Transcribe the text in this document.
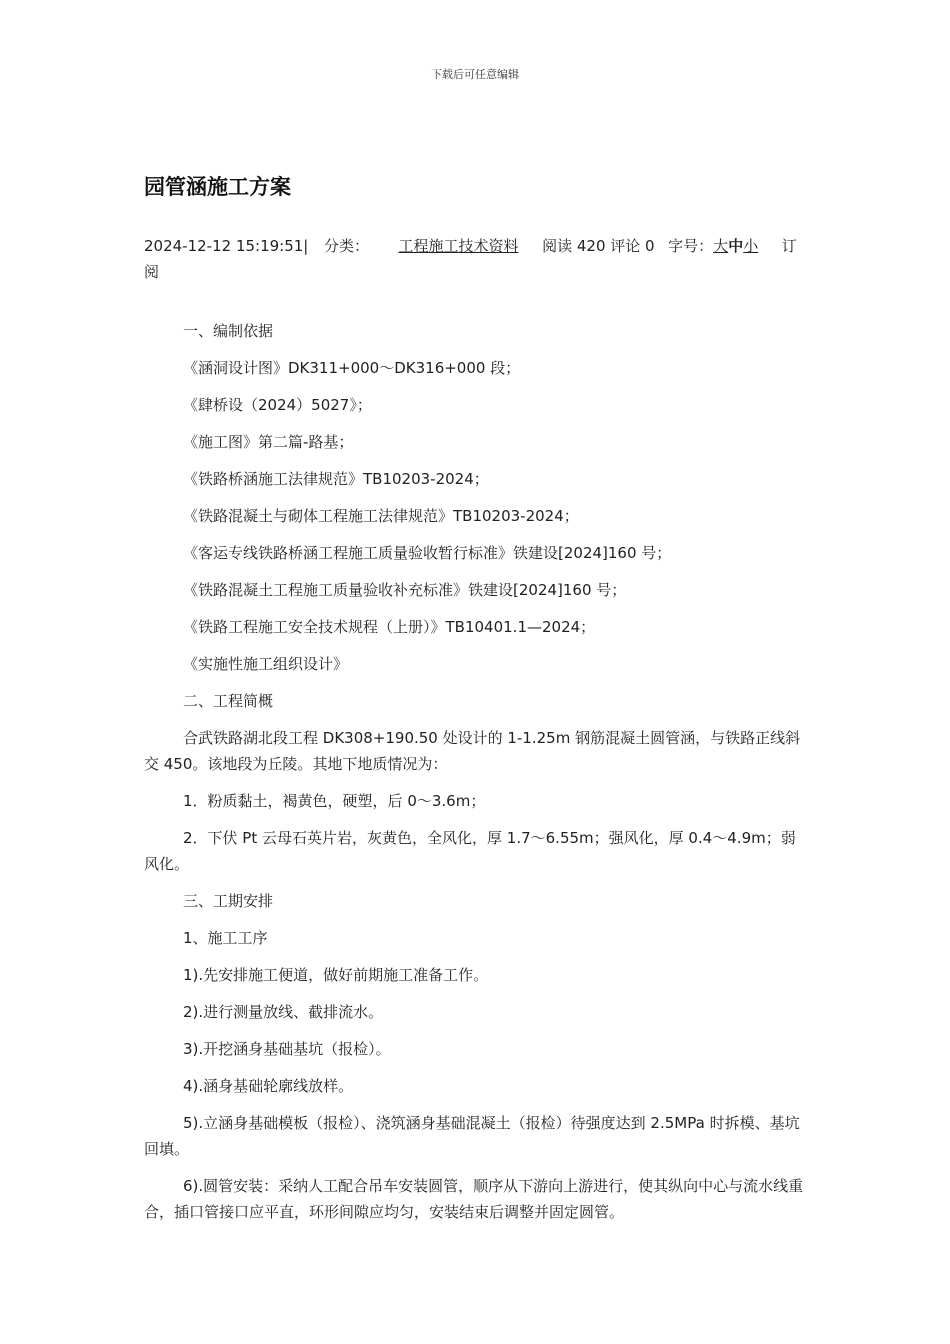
下载后可任意编辑
园管涵施工方案
2024-12-12 15:19:51| 分类： 工程施工技术资料 阅读 420 评论 0 字号：大中小 订阅

一、编制依据

《涵洞设计图》DK311+000～DK316+000 段；

《肆桥设（2024）5027》；

《施工图》第二篇-路基；

《铁路桥涵施工法律规范》TB10203-2024；

《铁路混凝土与砌体工程施工法律规范》TB10203-2024；

《客运专线铁路桥涵工程施工质量验收暂行标准》铁建设[2024]160 号；

《铁路混凝土工程施工质量验收补充标准》铁建设[2024]160 号；

《铁路工程施工安全技术规程（上册）》TB10401.1—2024；

《实施性施工组织设计》

二、工程简概

合武铁路湖北段工程 DK308+190.50 处设计的 1-1.25m 钢筋混凝土圆管涵，与铁路正线斜交 450。该地段为丘陵。其地下地质情况为：

1．粉质黏土，褐黄色，硬塑，后 0～3.6m；

2．下伏 Pt 云母石英片岩，灰黄色，全风化，厚 1.7～6.55m；强风化，厚 0.4～4.9m；弱风化。

三、工期安排

1、施工工序

1).先安排施工便道，做好前期施工准备工作。

2).进行测量放线、截排流水。

3).开挖涵身基础基坑（报检）。

4).涵身基础轮廓线放样。

5).立涵身基础模板（报检）、浇筑涵身基础混凝土（报检）待强度达到 2.5MPa 时拆模、基坑回填。

6).圆管安装：采纳人工配合吊车安装圆管，顺序从下游向上游进行，使其纵向中心与流水线重合，插口管接口应平直，环形间隙应均匀，安装结束后调整并固定圆管。
